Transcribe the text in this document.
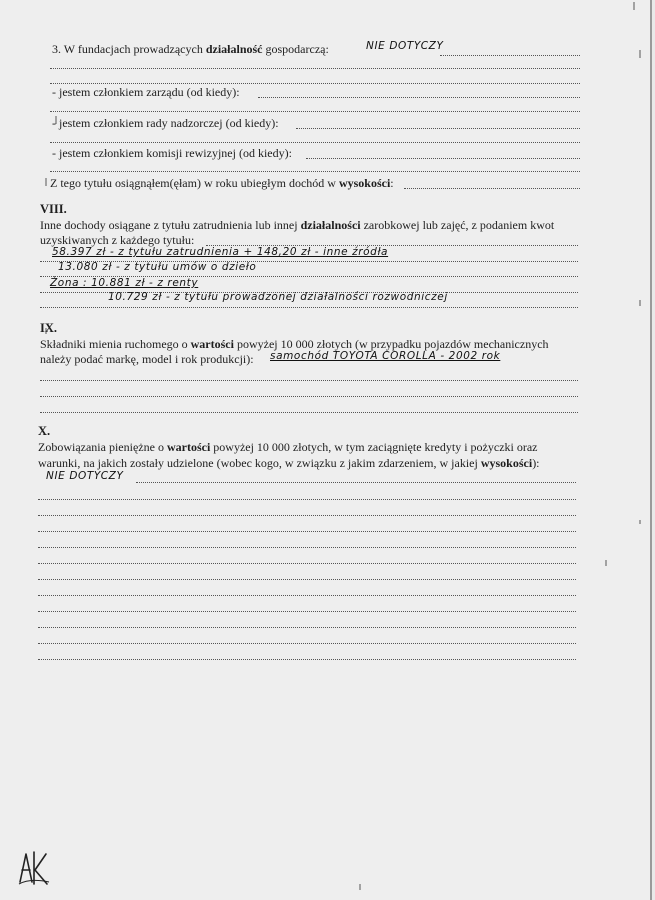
3. W fundacjach prowadzących działalność gospodarczą:	NIE DOTYCZY
- jestem członkiem zarządu (od kiedy):
- jestem członkiem rady nadzorczej (od kiedy):
- jestem członkiem komisji rewizyjnej (od kiedy):
Z tego tytułu osiągnąłem(ęłam) w roku ubiegłym dochód w wysokości:
VIII.
Inne dochody osiągane z tytułu zatrudnienia lub innej działalności zarobkowej lub zajęć, z podaniem kwot
uzyskiwanych z każdego tytułu:
58.397 zł - z tytułu zatrudnienia + 148,20 zł - inne źródła
13.080 zł - z tytułu umów o dzieło
Żona : 10.881 zł - z renty
10.729 zł - z tytułu prowadzonej działalności rozwodniczej
IX.
Składniki mienia ruchomego o wartości powyżej 10 000 złotych (w przypadku pojazdów mechanicznych
należy podać markę, model i rok produkcji): samochód TOYOTA COROLLA - 2002 rok
X.
Zobowiązania pieniężne o wartości powyżej 10 000 złotych, w tym zaciągnięte kredyty i pożyczki oraz
warunki, na jakich zostały udzielone (wobec kogo, w związku z jakim zdarzeniem, w jakiej wysokości):
NIE DOTYCZY
